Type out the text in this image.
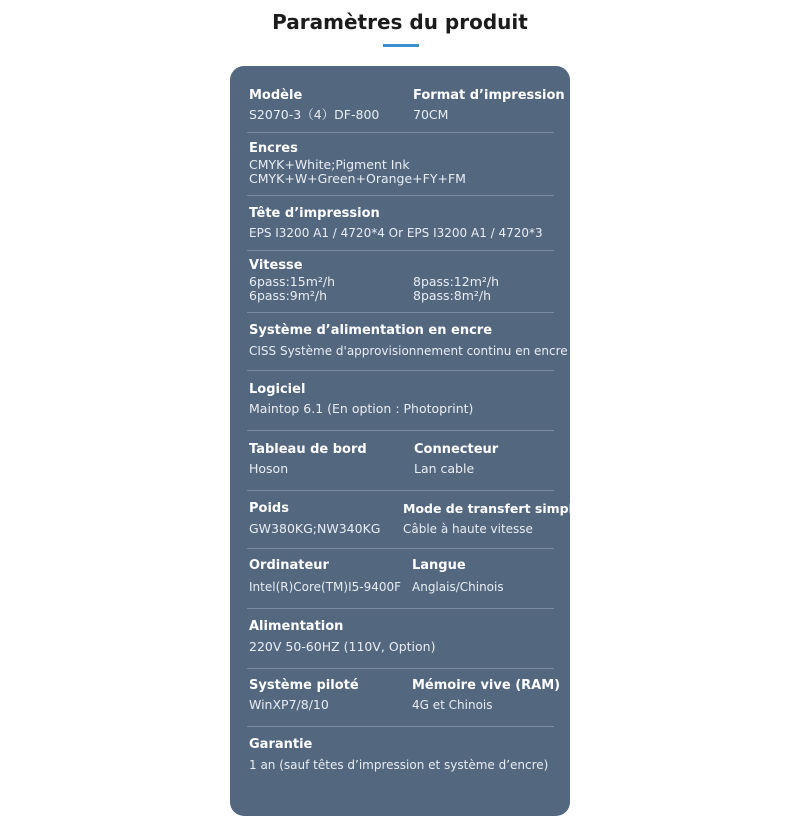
Paramètres du produit
Modèle
S2070-3（4）DF-800
Format d’impression
70CM
Encres
CMYK+White;Pigment Ink
CMYK+W+Green+Orange+FY+FM
Tête d’impression
EPS I3200 A1 / 4720*4 Or EPS I3200 A1 / 4720*3
Vitesse
6pass:15m²/h	8pass:12m²/h
6pass:9m²/h	8pass:8m²/h
Système d’alimentation en encre
CISS Système d'approvisionnement continu en encre
Logiciel
Maintop 6.1 (En option : Photoprint)
Tableau de bord
Hoson
Connecteur
Lan cable
Poids
GW380KG;NW340KG
Mode de transfert simple
Câble à haute vitesse
Ordinateur
Intel(R)Core(TM)I5-9400F
Langue
Anglais/Chinois
Alimentation
220V 50-60HZ (110V, Option)
Système piloté
WinXP7/8/10
Mémoire vive (RAM)
4G et Chinois
Garantie
1 an (sauf têtes d’impression et système d’encre)
